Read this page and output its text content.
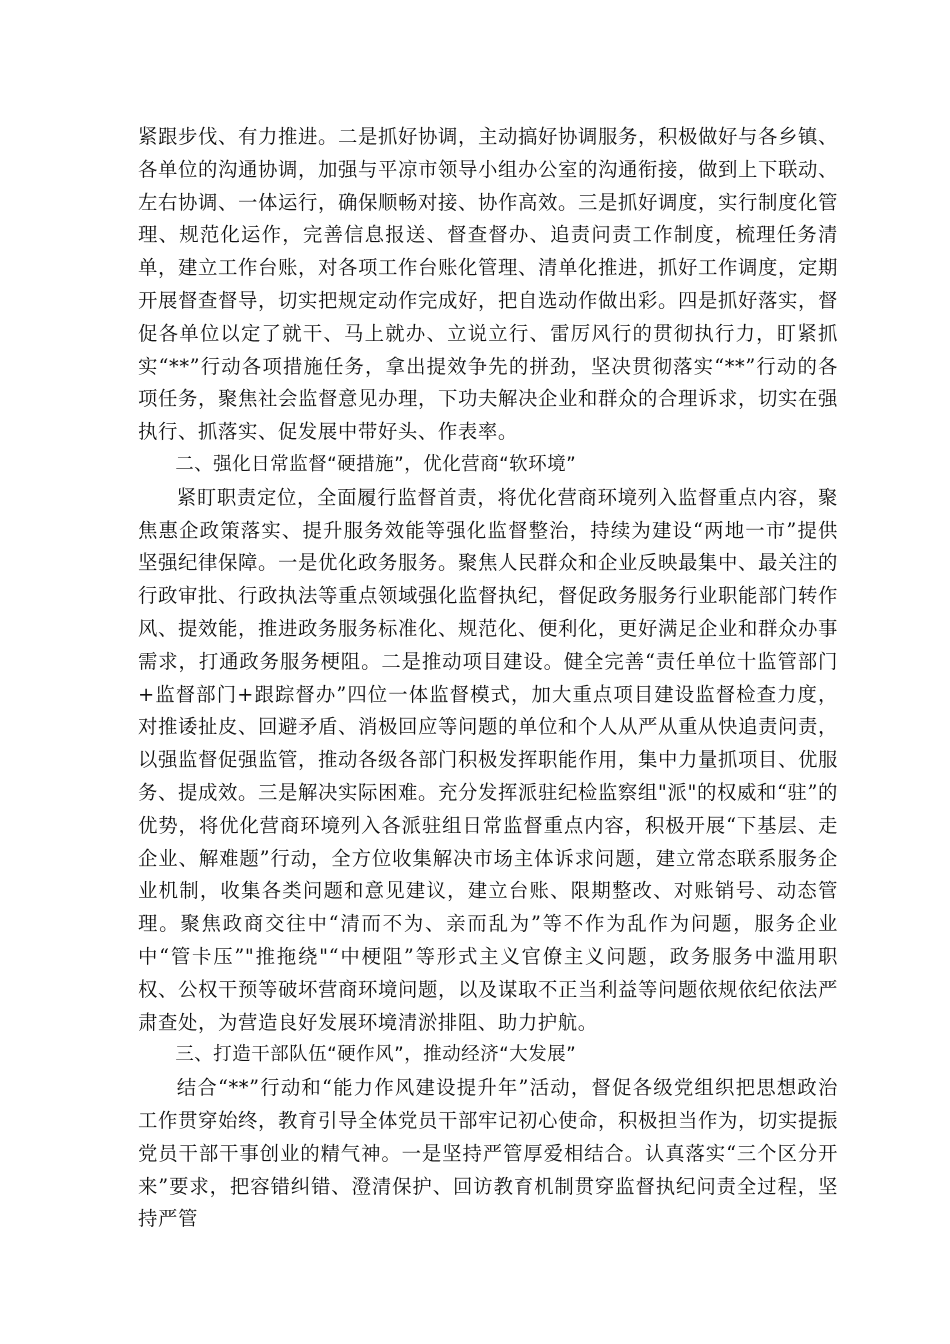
紧跟步伐、有力推进。二是抓好协调，主动搞好协调服务，积极做好与各乡镇、各单位的沟通协调，加强与平凉市领导小组办公室的沟通衔接，做到上下联动、左右协调、一体运行，确保顺畅对接、协作高效。三是抓好调度，实行制度化管理、规范化运作，完善信息报送、督查督办、追责问责工作制度，梳理任务清单，建立工作台账，对各项工作台账化管理、清单化推进，抓好工作调度，定期开展督查督导，切实把规定动作完成好，把自选动作做出彩。四是抓好落实，督促各单位以定了就干、马上就办、立说立行、雷厉风行的贯彻执行力，盯紧抓实“**”行动各项措施任务，拿出提效争先的拼劲，坚决贯彻落实“**”行动的各项任务，聚焦社会监督意见办理，下功夫解决企业和群众的合理诉求，切实在强执行、抓落实、促发展中带好头、作表率。

二、强化日常监督“硬措施”，优化营商“软环境”

紧盯职责定位，全面履行监督首责，将优化营商环境列入监督重点内容，聚焦惠企政策落实、提升服务效能等强化监督整治，持续为建设“两地一市”提供坚强纪律保障。一是优化政务服务。聚焦人民群众和企业反映最集中、最关注的行政审批、行政执法等重点领域强化监督执纪，督促政务服务行业职能部门转作风、提效能，推进政务服务标准化、规范化、便利化，更好满足企业和群众办事需求，打通政务服务梗阻。二是推动项目建设。健全完善“责任单位十监管部门+监督部门+跟踪督办”四位一体监督模式，加大重点项目建设监督检查力度，对推诿扯皮、回避矛盾、消极回应等问题的单位和个人从严从重从快追责问责，以强监督促强监管，推动各级各部门积极发挥职能作用，集中力量抓项目、优服务、提成效。三是解决实际困难。充分发挥派驻纪检监察组"派"的权威和“驻”的优势，将优化营商环境列入各派驻组日常监督重点内容，积极开展“下基层、走企业、解难题”行动，全方位收集解决市场主体诉求问题，建立常态联系服务企业机制，收集各类问题和意见建议，建立台账、限期整改、对账销号、动态管理。聚焦政商交往中“清而不为、亲而乱为”等不作为乱作为问题，服务企业中“管卡压”"推拖绕"“中梗阻”等形式主义官僚主义问题，政务服务中滥用职权、公权干预等破坏营商环境问题，以及谋取不正当利益等问题依规依纪依法严肃查处，为营造良好发展环境清淤排阻、助力护航。

三、打造干部队伍“硬作风”，推动经济“大发展”

结合“**”行动和“能力作风建设提升年”活动，督促各级党组织把思想政治工作贯穿始终，教育引导全体党员干部牢记初心使命，积极担当作为，切实提振党员干部干事创业的精气神。一是坚持严管厚爱相结合。认真落实“三个区分开来”要求，把容错纠错、澄清保护、回访教育机制贯穿监督执纪问责全过程，坚持严管
